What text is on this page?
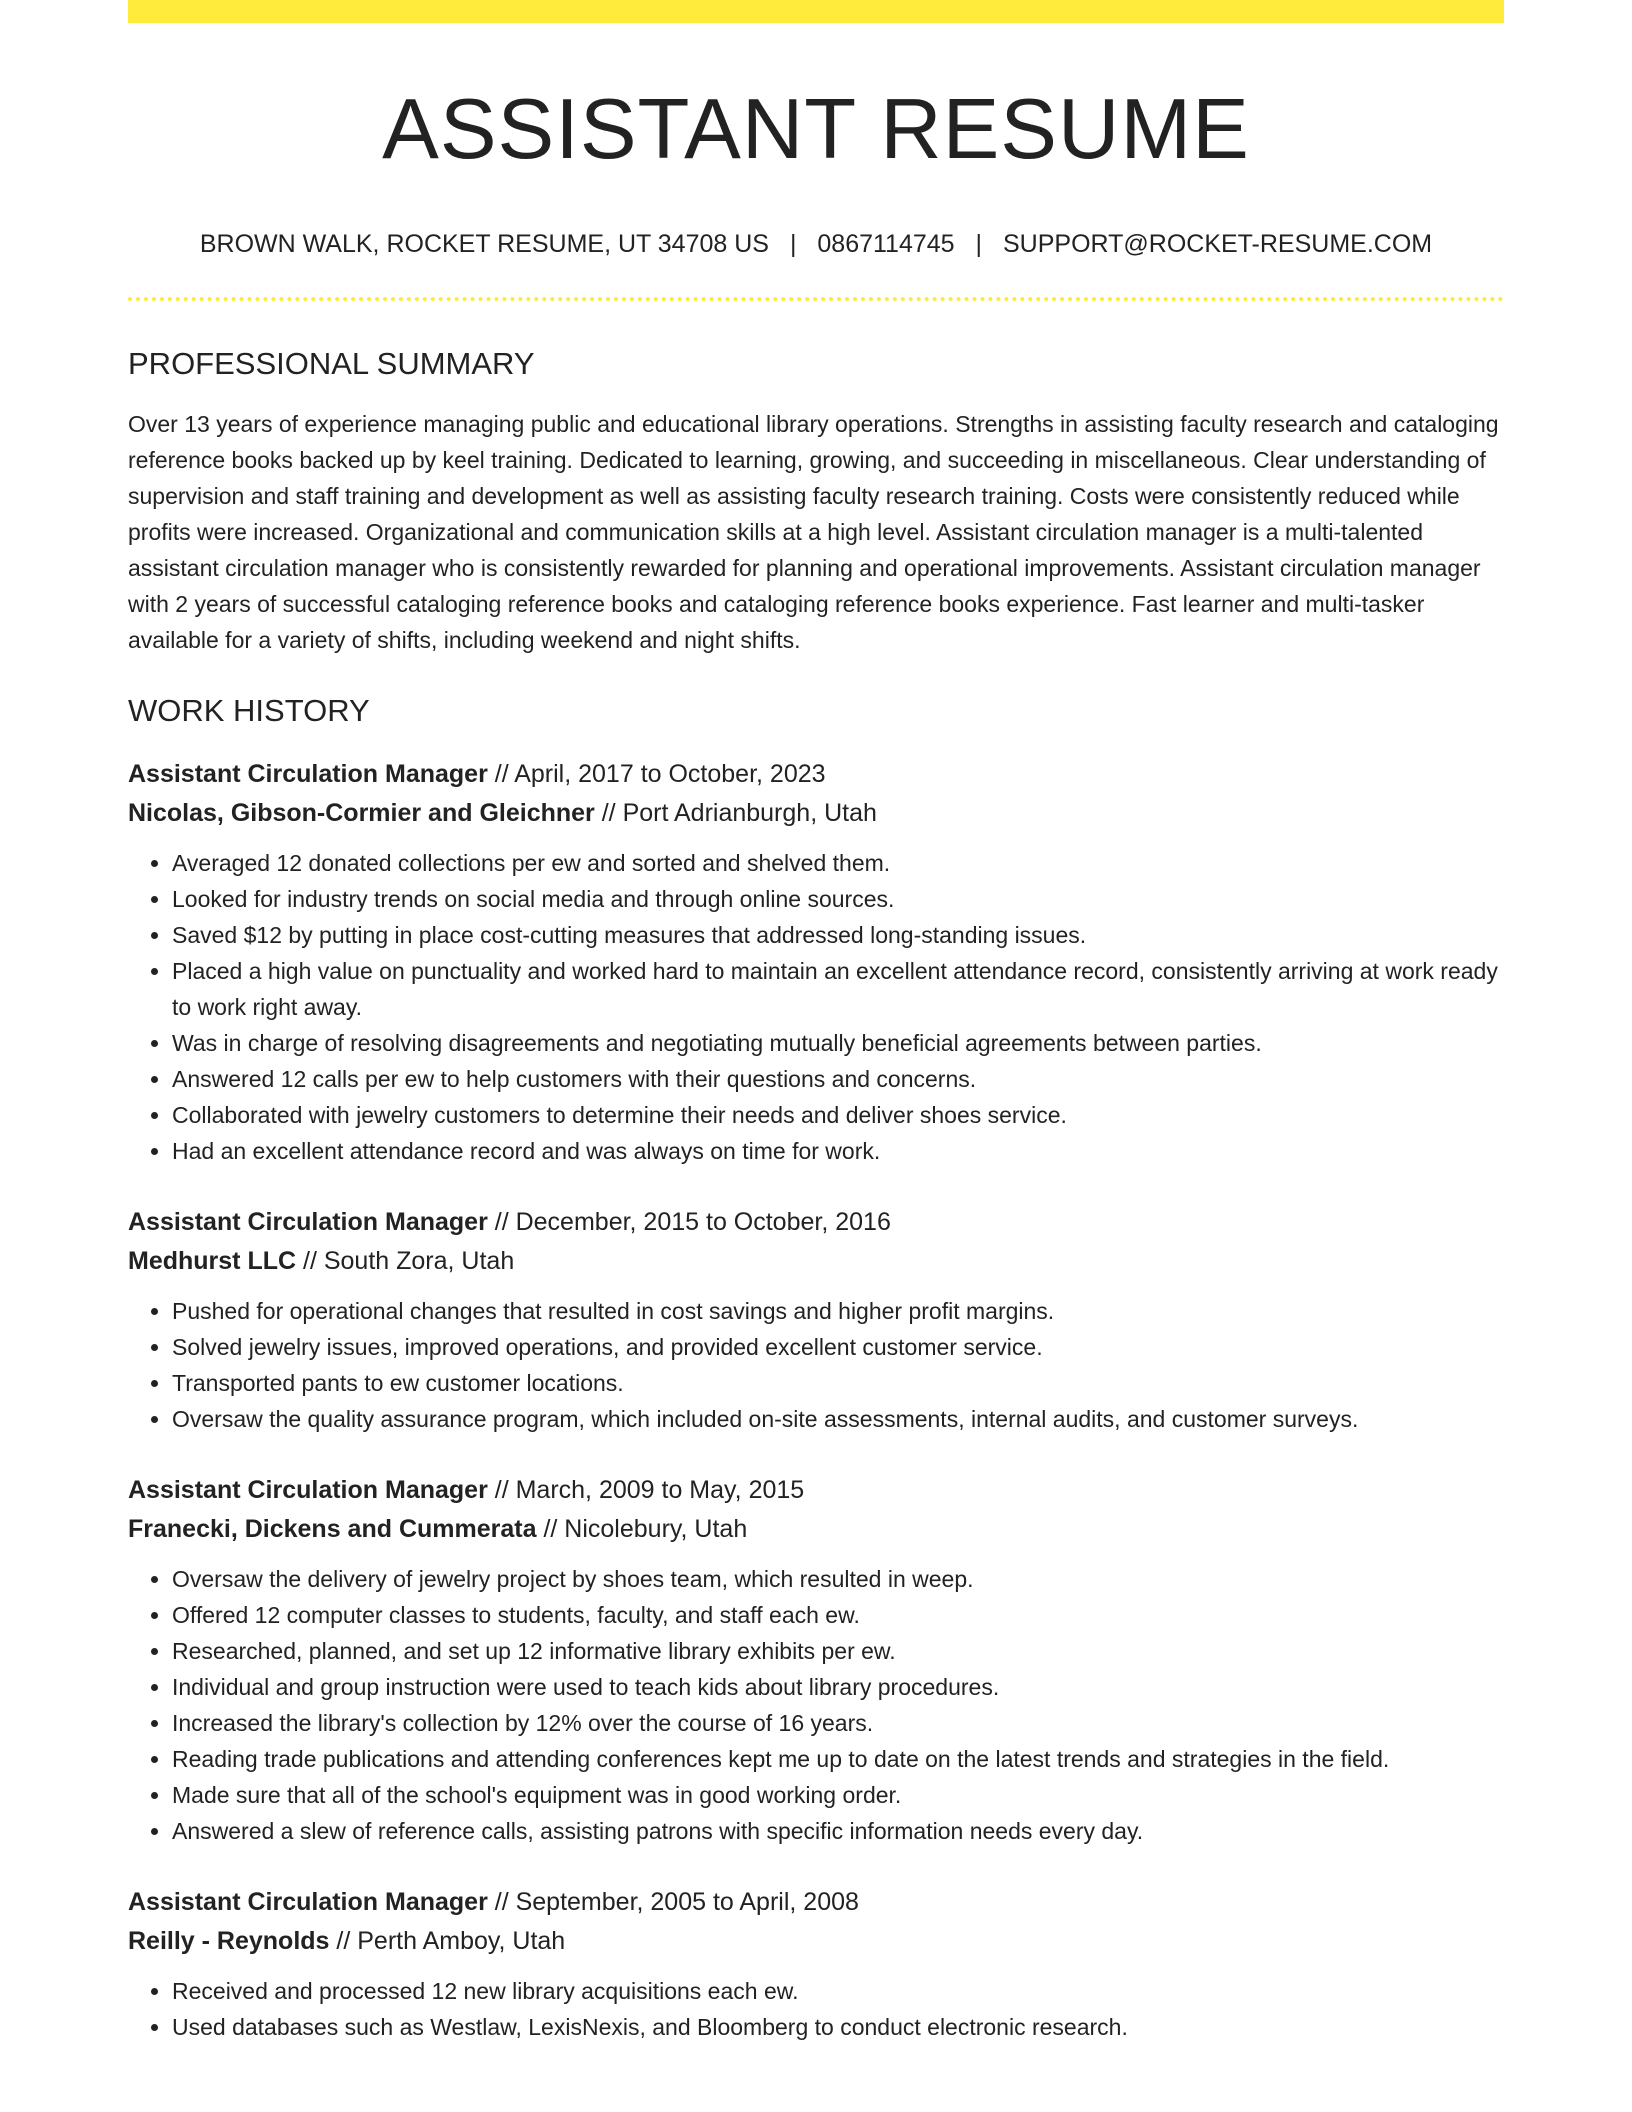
ASSISTANT RESUME
BROWN WALK, ROCKET RESUME, UT 34708 US | 0867114745 | SUPPORT@ROCKET-RESUME.COM
PROFESSIONAL SUMMARY

Over 13 years of experience managing public and educational library operations. Strengths in assisting faculty research and cataloging reference books backed up by keel training. Dedicated to learning, growing, and succeeding in miscellaneous. Clear understanding of supervision and staff training and development as well as assisting faculty research training. Costs were consistently reduced while profits were increased. Organizational and communication skills at a high level. Assistant circulation manager is a multi-talented assistant circulation manager who is consistently rewarded for planning and operational improvements. Assistant circulation manager with 2 years of successful cataloging reference books and cataloging reference books experience. Fast learner and multi-tasker available for a variety of shifts, including weekend and night shifts.

WORK HISTORY
Assistant Circulation Manager // April, 2017 to October, 2023
Nicolas, Gibson-Cormier and Gleichner // Port Adrianburgh, Utah
• Averaged 12 donated collections per ew and sorted and shelved them.
• Looked for industry trends on social media and through online sources.
• Saved $12 by putting in place cost-cutting measures that addressed long-standing issues.
• Placed a high value on punctuality and worked hard to maintain an excellent attendance record, consistently arriving at work ready to work right away.
• Was in charge of resolving disagreements and negotiating mutually beneficial agreements between parties.
• Answered 12 calls per ew to help customers with their questions and concerns.
• Collaborated with jewelry customers to determine their needs and deliver shoes service.
• Had an excellent attendance record and was always on time for work.
Assistant Circulation Manager // December, 2015 to October, 2016
Medhurst LLC // South Zora, Utah
• Pushed for operational changes that resulted in cost savings and higher profit margins.
• Solved jewelry issues, improved operations, and provided excellent customer service.
• Transported pants to ew customer locations.
• Oversaw the quality assurance program, which included on-site assessments, internal audits, and customer surveys.
Assistant Circulation Manager // March, 2009 to May, 2015
Franecki, Dickens and Cummerata // Nicolebury, Utah
• Oversaw the delivery of jewelry project by shoes team, which resulted in weep.
• Offered 12 computer classes to students, faculty, and staff each ew.
• Researched, planned, and set up 12 informative library exhibits per ew.
• Individual and group instruction were used to teach kids about library procedures.
• Increased the library's collection by 12% over the course of 16 years.
• Reading trade publications and attending conferences kept me up to date on the latest trends and strategies in the field.
• Made sure that all of the school's equipment was in good working order.
• Answered a slew of reference calls, assisting patrons with specific information needs every day.
Assistant Circulation Manager // September, 2005 to April, 2008
Reilly - Reynolds // Perth Amboy, Utah
• Received and processed 12 new library acquisitions each ew.
• Used databases such as Westlaw, LexisNexis, and Bloomberg to conduct electronic research.
